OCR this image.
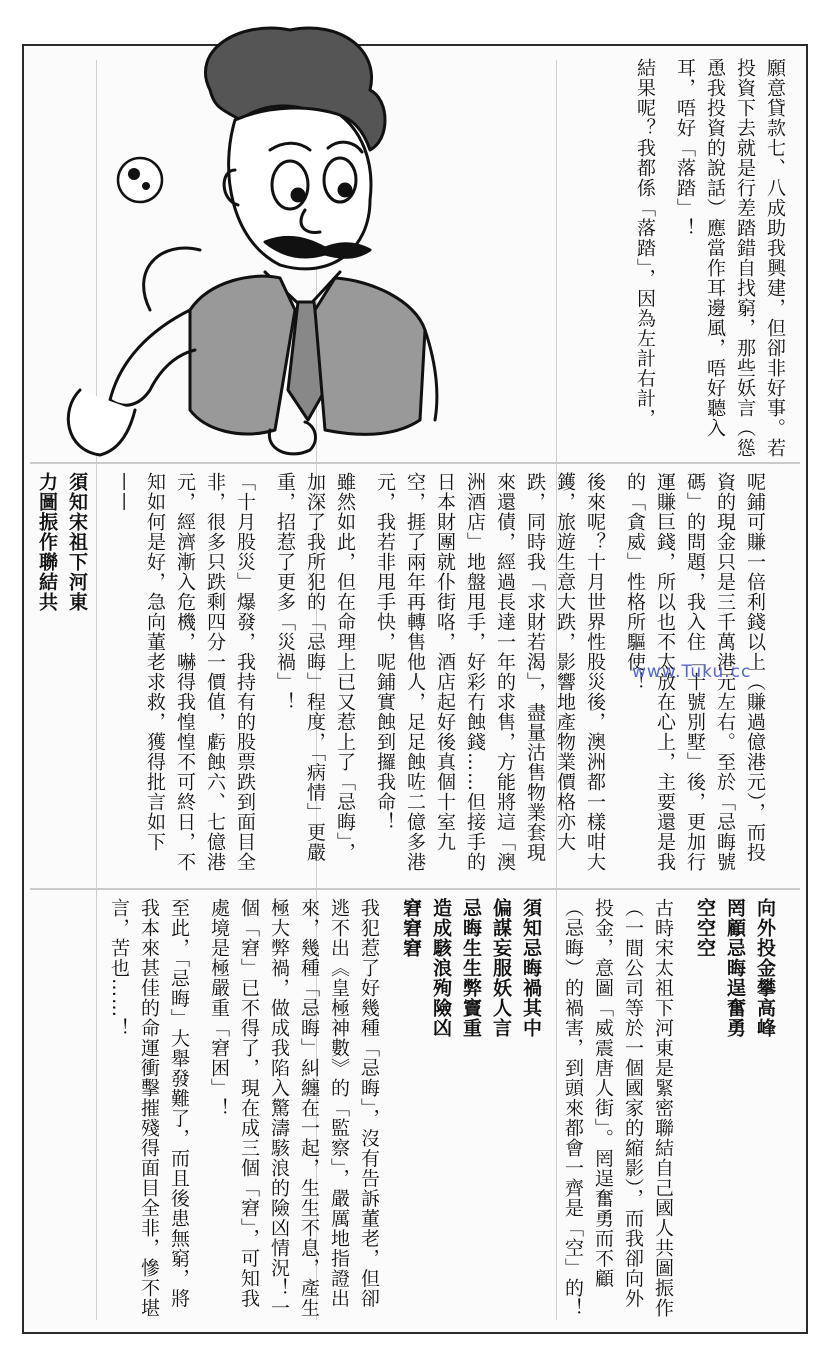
願意貸款七、八成助我興建，但卻非好事。若投資下去就是行差踏錯自找窮，那些妖言（慫恿我投資的說話）應當作耳邊風，唔好聽入耳，唔好「落踏」！

結果呢？我都係「落踏」，因為左計右計，

呢鋪可賺一倍利錢以上（賺過億港元），而投資的現金只是三千萬港元左右。至於「忌晦號碼」的問題，我入住「十號別墅」後，更加行運賺巨錢，所以也不太放在心上，主要還是我的「貪威」性格所驅使！

後來呢？十月世界性股災後，澳洲都一樣咁大鑊，旅遊生意大跌，影響地產物業價格亦大跌，同時我「求財若渴」，盡量沽售物業套現來還債，經過長達一年的求售，方能將這「澳洲酒店」地盤甩手，好彩冇蝕錢……但接手的日本財團就仆街咯，酒店起好後真個十室九空，捱了兩年再轉售他人，足足蝕咗二億多港元，我若非甩手快，呢鋪實蝕到攞我命！

雖然如此，但在命理上已又惹上了「忌晦」，加深了我所犯的「忌晦」程度，「病情」更嚴重，招惹了更多「災禍」！

「十月股災」爆發，我持有的股票跌到面目全非，很多只跌剩四分一價值，虧蝕六、七億港元，經濟漸入危機，嚇得我惶惶不可終日，不知如何是好，急向董老求救，獲得批言如下——

須知宋祖下河東

力圖振作聯結共

www.Tuku.cc

向外投金攀高峰

罔顧忌晦逞奮勇

空空空

古時宋太祖下河東是緊密聯結自己國人共圖振作（一間公司等於一個國家的縮影），而我卻向外投金，意圖「威震唐人街」。罔逞奮勇而不顧（忌晦）的禍害，到頭來都會一齊是「空」的！

須知忌晦禍其中

偏謀妄服妖人言

忌晦生生弊竇重

造成駭浪殉險凶

窘窘窘

我犯惹了好幾種「忌晦」，沒有告訴董老，但卻逃不出《皇極神數》的「監察」，嚴厲地指證出來，幾種「忌晦」糾纏在一起，生生不息，產生極大弊禍，做成我陷入驚濤駭浪的險凶情況！一個「窘」已不得了，現在成三個「窘」，可知我處境是極嚴重「窘困」！

至此，「忌晦」大舉發難了，而且後患無窮，將我本來甚佳的命運衝擊摧殘得面目全非，慘不堪言，苦也……！
